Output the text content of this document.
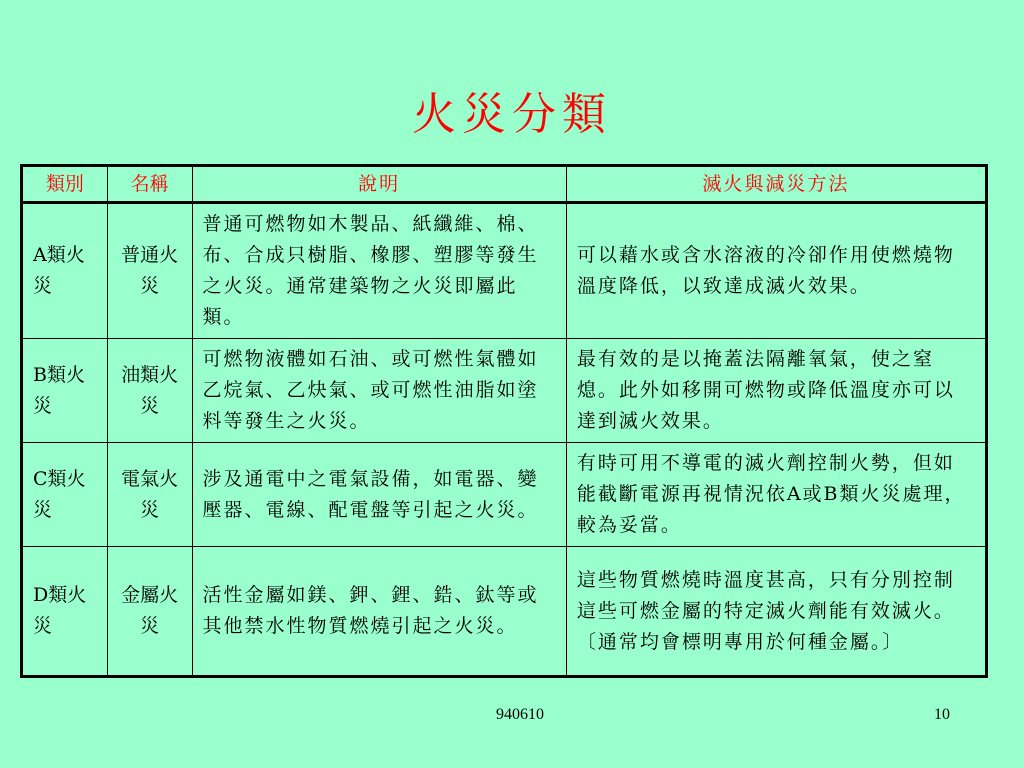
火災分類
類別	名稱	說明	滅火與減災方法
A類火災	普通火災	普通可燃物如木製品、紙纖維、棉、布、合成只樹脂、橡膠、塑膠等發生之火災。通常建築物之火災即屬此類。	可以藉水或含水溶液的冷卻作用使燃燒物溫度降低，以致達成滅火效果。
B類火災	油類火災	可燃物液體如石油、或可燃性氣體如乙烷氣、乙炔氣、或可燃性油脂如塗料等發生之火災。	最有效的是以掩蓋法隔離氧氣，使之窒熄。此外如移開可燃物或降低溫度亦可以達到滅火效果。
C類火災	電氣火災	涉及通電中之電氣設備，如電器、變壓器、電線、配電盤等引起之火災。	有時可用不導電的滅火劑控制火勢，但如能截斷電源再視情況依A或B類火災處理，較為妥當。
D類火災	金屬火災	活性金屬如鎂、鉀、鋰、鋯、鈦等或其他禁水性物質燃燒引起之火災。	這些物質燃燒時溫度甚高，只有分別控制這些可燃金屬的特定滅火劑能有效滅火。〔通常均會標明專用於何種金屬。〕
940610	10
